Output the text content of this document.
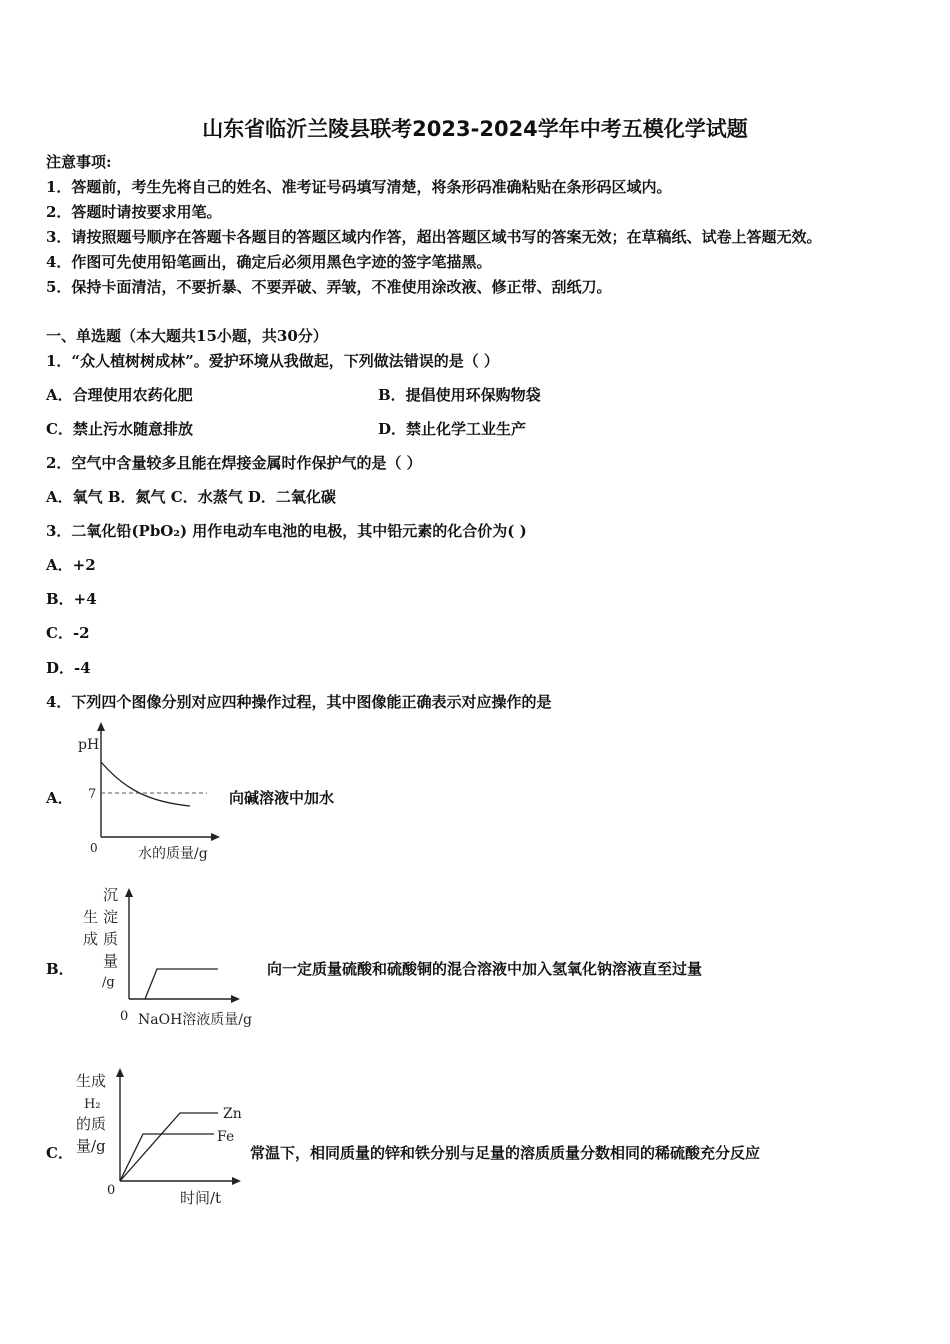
山东省临沂兰陵县联考2023-2024学年中考五模化学试题
注意事项:
1．答题前，考生先将自己的姓名、准考证号码填写清楚，将条形码准确粘贴在条形码区域内。
2．答题时请按要求用笔。
3．请按照题号顺序在答题卡各题目的答题区域内作答，超出答题区域书写的答案无效；在草稿纸、试卷上答题无效。
4．作图可先使用铅笔画出，确定后必须用黑色字迹的签字笔描黑。
5．保持卡面清洁，不要折暴、不要弄破、弄皱，不准使用涂改液、修正带、刮纸刀。
一、单选题（本大题共15小题，共30分）
1．“众人植树树成林”。爱护环境从我做起，下列做法错误的是（ ）
A．合理使用农药化肥	B．提倡使用环保购物袋
C．禁止污水随意排放	D．禁止化学工业生产
2．空气中含量较多且能在焊接金属时作保护气的是（ ）
A．氧气 B．氮气 C．水蒸气 D．二氧化碳
3．二氧化铅(PbO₂) 用作电动车电池的电极，其中铅元素的化合价为( )
A．+2
B．+4
C．-2
D．-4
4．下列四个图像分别对应四种操作过程，其中图像能正确表示对应操作的是
A．
pH
7
0	水的质量/g
向碱溶液中加水
B．
沉
淀
质
量
生
成
/g
0 NaOH溶液质量/g
向一定质量硫酸和硫酸铜的混合溶液中加入氢氧化钠溶液直至过量
C．
生成
H₂
的质
量/g
Zn
Fe
0	时间/t
常温下，相同质量的锌和铁分别与足量的溶质质量分数相同的稀硫酸充分反应
